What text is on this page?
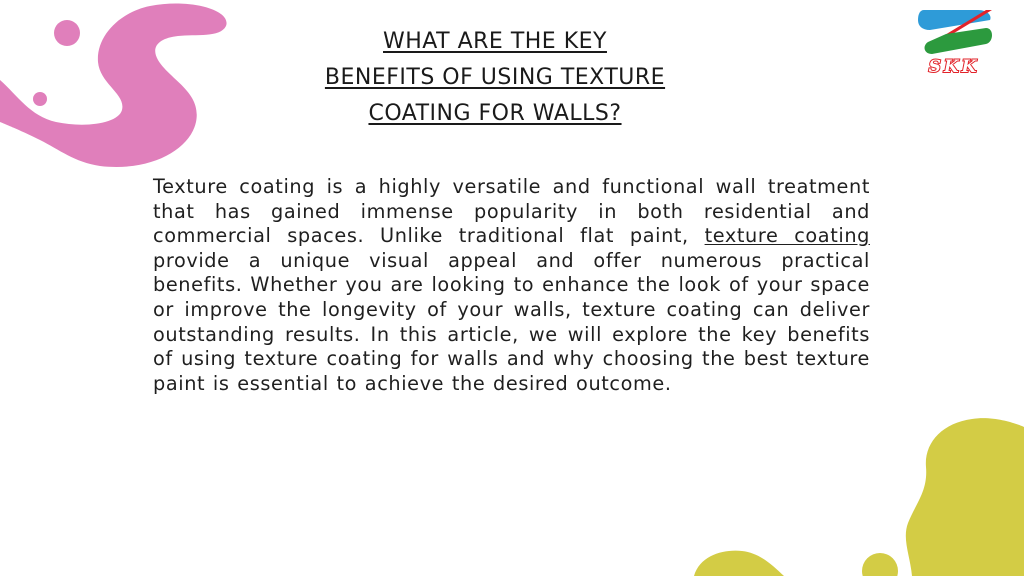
SKK
WHAT ARE THE KEY
BENEFITS OF USING TEXTURE
COATING FOR WALLS?

Texture coating is a highly versatile and functional wall treatment that has gained immense popularity in both residential and commercial spaces. Unlike traditional flat paint, texture coating provide a unique visual appeal and offer numerous practical benefits. Whether you are looking to enhance the look of your space or improve the longevity of your walls, texture coating can deliver outstanding results. In this article, we will explore the key benefits of using texture coating for walls and why choosing the best texture paint is essential to achieve the desired outcome.
